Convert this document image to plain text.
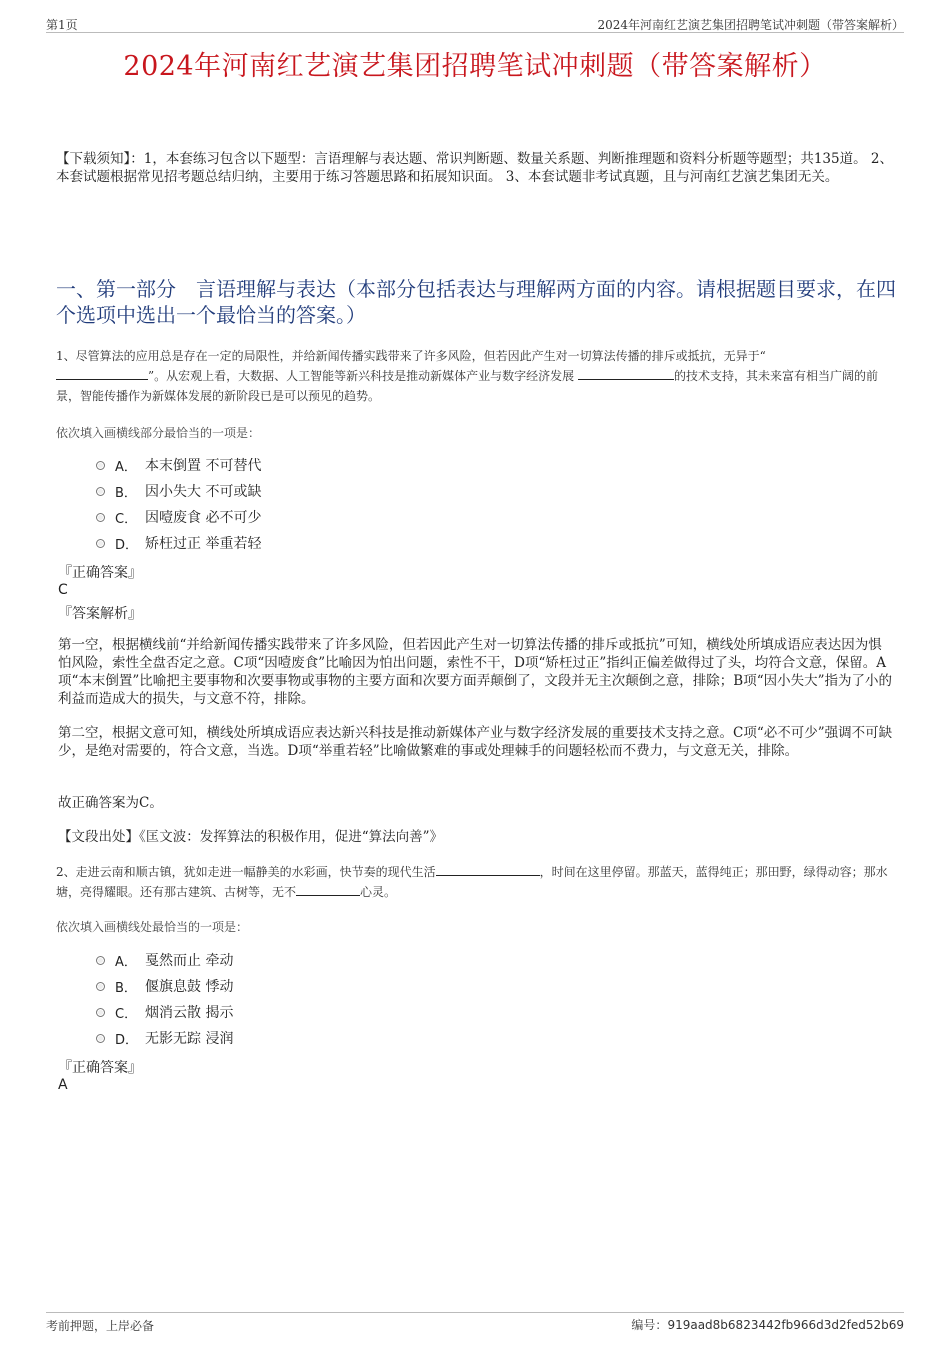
第1页	2024年河南红艺演艺集团招聘笔试冲刺题（带答案解析）
2024年河南红艺演艺集团招聘笔试冲刺题（带答案解析）
【下载须知】：1，本套练习包含以下题型：言语理解与表达题、常识判断题、数量关系题、判断推理题和资料分析题等题型；共135道。 2、本套试题根据常见招考题总结归纳，主要用于练习答题思路和拓展知识面。 3、本套试题非考试真题，且与河南红艺演艺集团无关。
一、第一部分　言语理解与表达（本部分包括表达与理解两方面的内容。请根据题目要求，在四个选项中选出一个最恰当的答案。）
1、尽管算法的应用总是存在一定的局限性，并给新闻传播实践带来了许多风险，但若因此产生对一切算法传播的排斥或抵抗，无异于“
”。从宏观上看，大数据、人工智能等新兴科技是推动新媒体产业与数字经济发展	的技术支持，其未来富有相当广阔的前景，智能传播作为新媒体发展的新阶段已是可以预见的趋势。
依次填入画横线部分最恰当的一项是：
A． 本末倒置 不可替代
B． 因小失大 不可或缺
C． 因噎废食 必不可少
D． 矫枉过正 举重若轻
『正确答案』
C
『答案解析』
第一空，根据横线前“并给新闻传播实践带来了许多风险，但若因此产生对一切算法传播的排斥或抵抗”可知，横线处所填成语应表达因为惧怕风险，索性全盘否定之意。C项“因噎废食”比喻因为怕出问题，索性不干，D项“矫枉过正”指纠正偏差做得过了头，均符合文意，保留。A项“本末倒置”比喻把主要事物和次要事物或事物的主要方面和次要方面弄颠倒了，文段并无主次颠倒之意，排除；B项“因小失大”指为了小的利益而造成大的损失，与文意不符，排除。
第二空，根据文意可知，横线处所填成语应表达新兴科技是推动新媒体产业与数字经济发展的重要技术支持之意。C项“必不可少”强调不可缺少，是绝对需要的，符合文意，当选。D项“举重若轻”比喻做繁难的事或处理棘手的问题轻松而不费力，与文意无关，排除。
故正确答案为C。
【文段出处】《匡文波：发挥算法的积极作用，促进“算法向善”》
2、走进云南和顺古镇，犹如走进一幅静美的水彩画，快节奏的现代生活	，时间在这里停留。那蓝天，蓝得纯正；那田野，绿得动容；那水塘，亮得耀眼。还有那古建筑、古树等，无不	心灵。
依次填入画横线处最恰当的一项是：
A． 戛然而止 牵动
B． 偃旗息鼓 悸动
C． 烟消云散 揭示
D． 无影无踪 浸润
『正确答案』
A
考前押题，上岸必备	编号：919aad8b6823442fb966d3d2fed52b69
